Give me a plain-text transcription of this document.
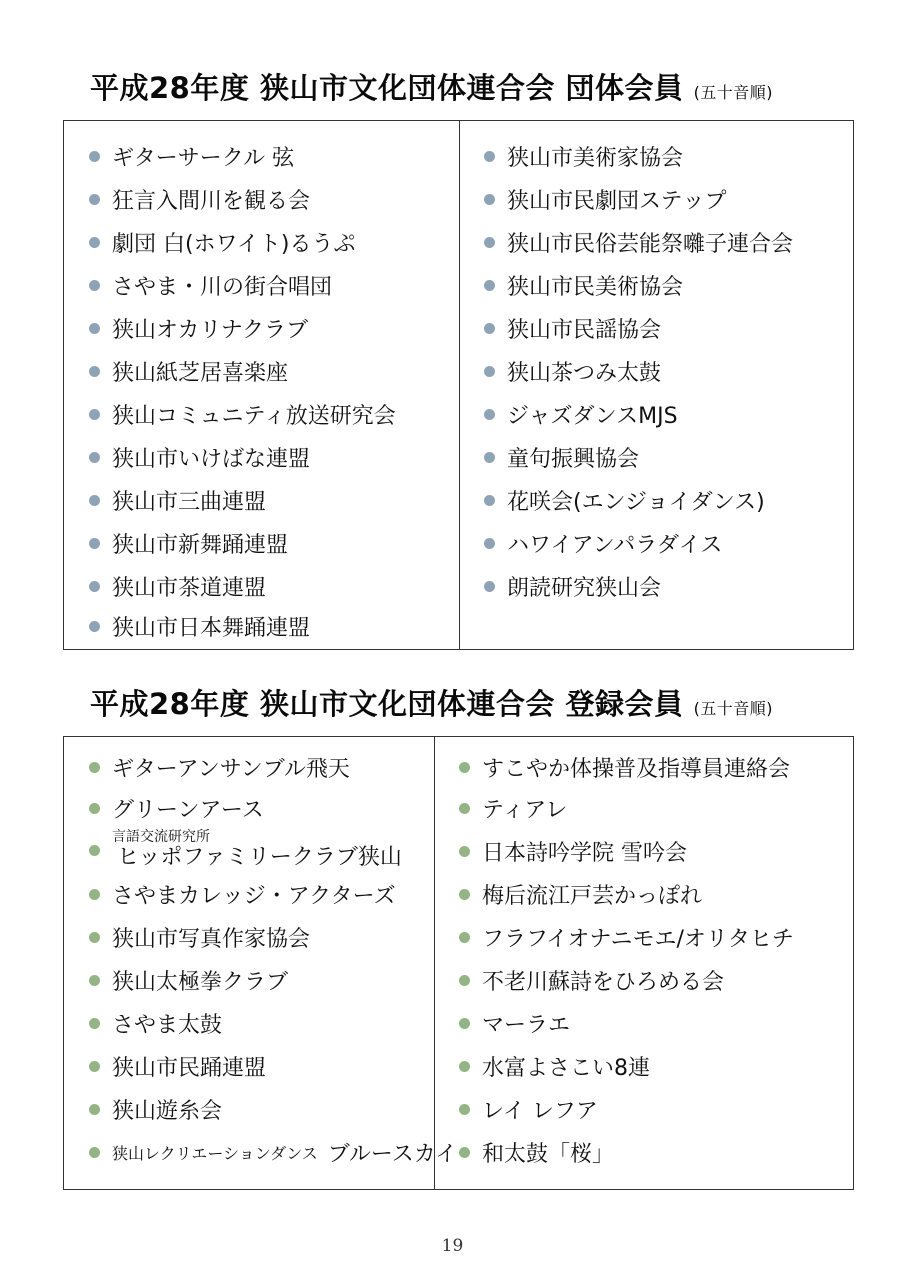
平成28年度 狭山市文化団体連合会 団体会員 (五十音順)
ギターサークル 弦
狂言入間川を観る会
劇団 白(ホワイト)るうぷ
さやま・川の街合唱団
狭山オカリナクラブ
狭山紙芝居喜楽座
狭山コミュニティ放送研究会
狭山市いけばな連盟
狭山市三曲連盟
狭山市新舞踊連盟
狭山市茶道連盟
狭山市日本舞踊連盟
狭山市美術家協会
狭山市民劇団ステップ
狭山市民俗芸能祭囃子連合会
狭山市民美術協会
狭山市民謡協会
狭山茶つみ太鼓
ジャズダンスMJS
童句振興協会
花咲会(エンジョイダンス)
ハワイアンパラダイス
朗読研究狭山会
平成28年度 狭山市文化団体連合会 登録会員 (五十音順)
ギターアンサンブル飛天
グリーンアース
言語交流研究所
ヒッポファミリークラブ狭山
さやまカレッジ・アクターズ
狭山市写真作家協会
狭山太極拳クラブ
さやま太鼓
狭山市民踊連盟
狭山遊糸会
狭山レクリエーションダンス ブルースカイ
すこやか体操普及指導員連絡会
ティアレ
日本詩吟学院 雪吟会
梅后流江戸芸かっぽれ
フラフイオナニモエ/オリタヒチ
不老川蘇詩をひろめる会
マーラエ
水富よさこい8連
レイ レフア
和太鼓「桜」
19
